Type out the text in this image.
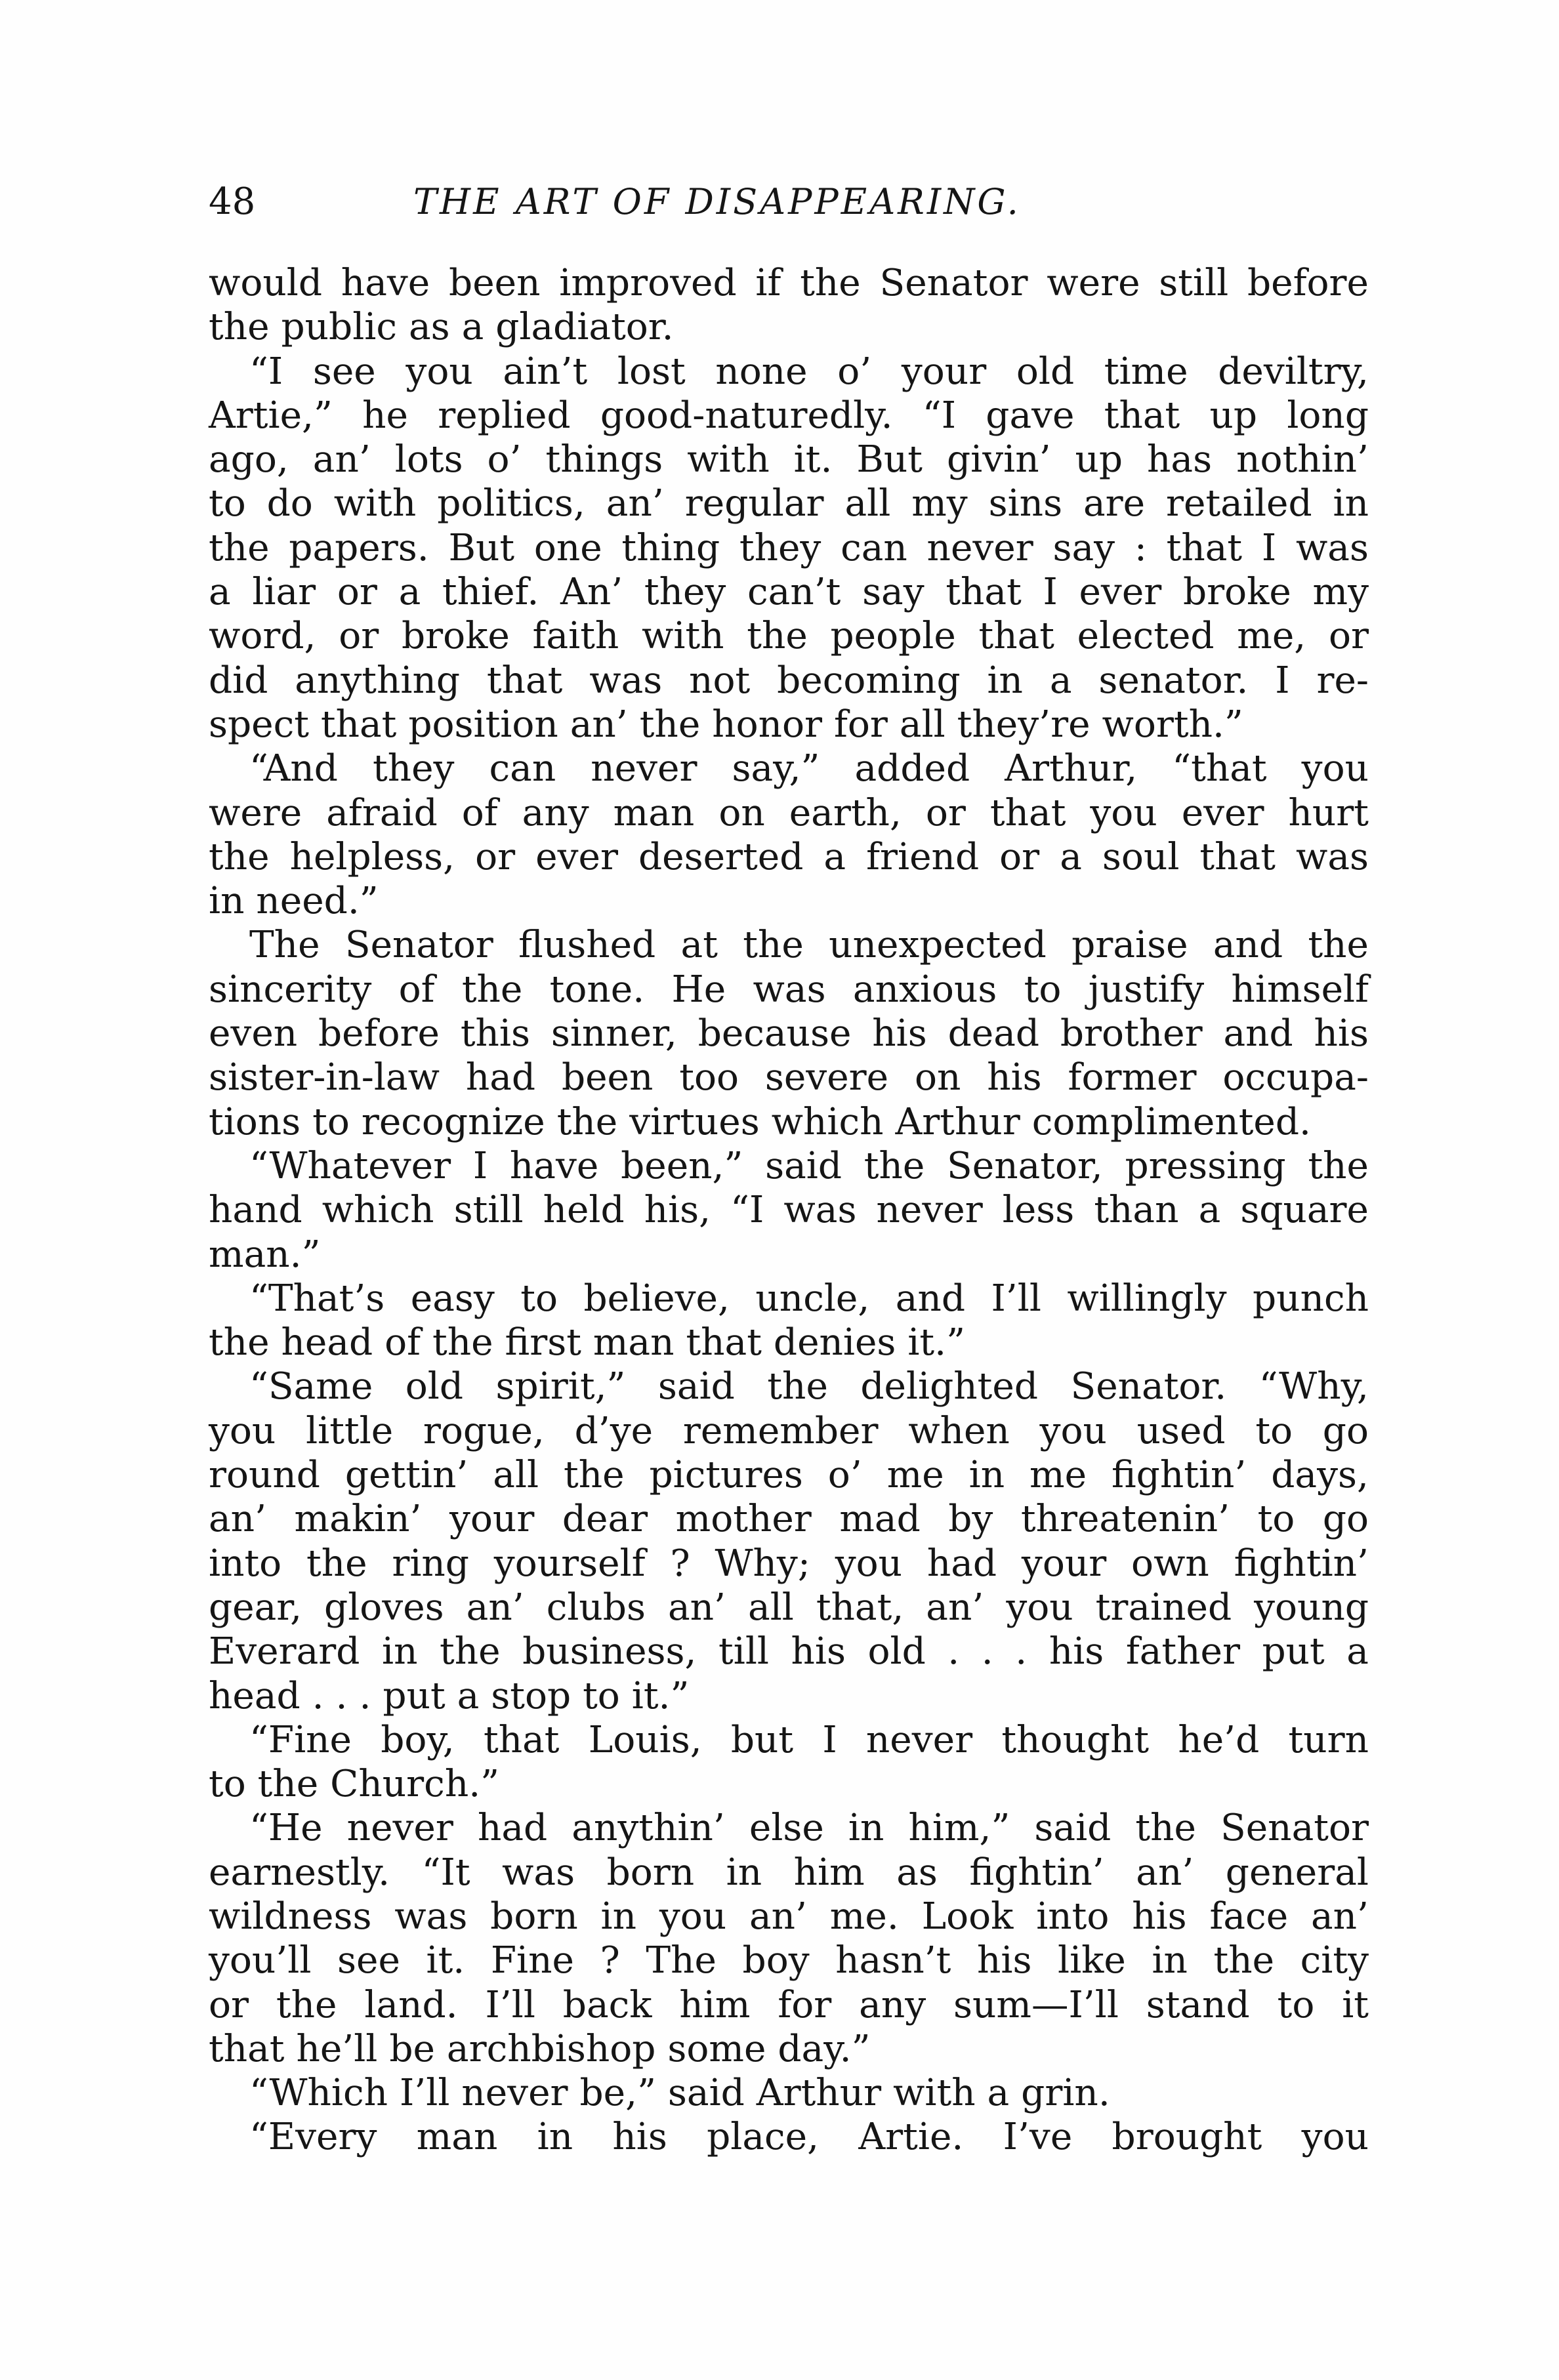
48	THE ART OF DISAPPEARING.
would have been improved if the Senator were still before
the public as a gladiator.
“I see you ain’t lost none o’ your old time deviltry,
Artie,” he replied good-naturedly. “I gave that up long
ago, an’ lots o’ things with it. But givin’ up has nothin’
to do with politics, an’ regular all my sins are retailed in
the papers. But one thing they can never say : that I was
a liar or a thief. An’ they can’t say that I ever broke my
word, or broke faith with the people that elected me, or
did anything that was not becoming in a senator. I re-
spect that position an’ the honor for all they’re worth.”
“And they can never say,” added Arthur, “that you
were afraid of any man on earth, or that you ever hurt
the helpless, or ever deserted a friend or a soul that was
in need.”
The Senator flushed at the unexpected praise and the
sincerity of the tone. He was anxious to justify himself
even before this sinner, because his dead brother and his
sister-in-law had been too severe on his former occupa-
tions to recognize the virtues which Arthur complimented.
“Whatever I have been,” said the Senator, pressing the
hand which still held his, “I was never less than a square
man.”
“That’s easy to believe, uncle, and I’ll willingly punch
the head of the first man that denies it.”
“Same old spirit,” said the delighted Senator. “Why,
you little rogue, d’ye remember when you used to go
round gettin’ all the pictures o’ me in me fightin’ days,
an’ makin’ your dear mother mad by threatenin’ to go
into the ring yourself ? Why; you had your own fightin’
gear, gloves an’ clubs an’ all that, an’ you trained young
Everard in the business, till his old . . . his father put a
head . . . put a stop to it.”
“Fine boy, that Louis, but I never thought he’d turn
to the Church.”
“He never had anythin’ else in him,” said the Senator
earnestly. “It was born in him as fightin’ an’ general
wildness was born in you an’ me. Look into his face an’
you’ll see it. Fine ? The boy hasn’t his like in the city
or the land. I’ll back him for any sum—I’ll stand to it
that he’ll be archbishop some day.”
“Which I’ll never be,” said Arthur with a grin.
“Every man in his place, Artie. I’ve brought you
